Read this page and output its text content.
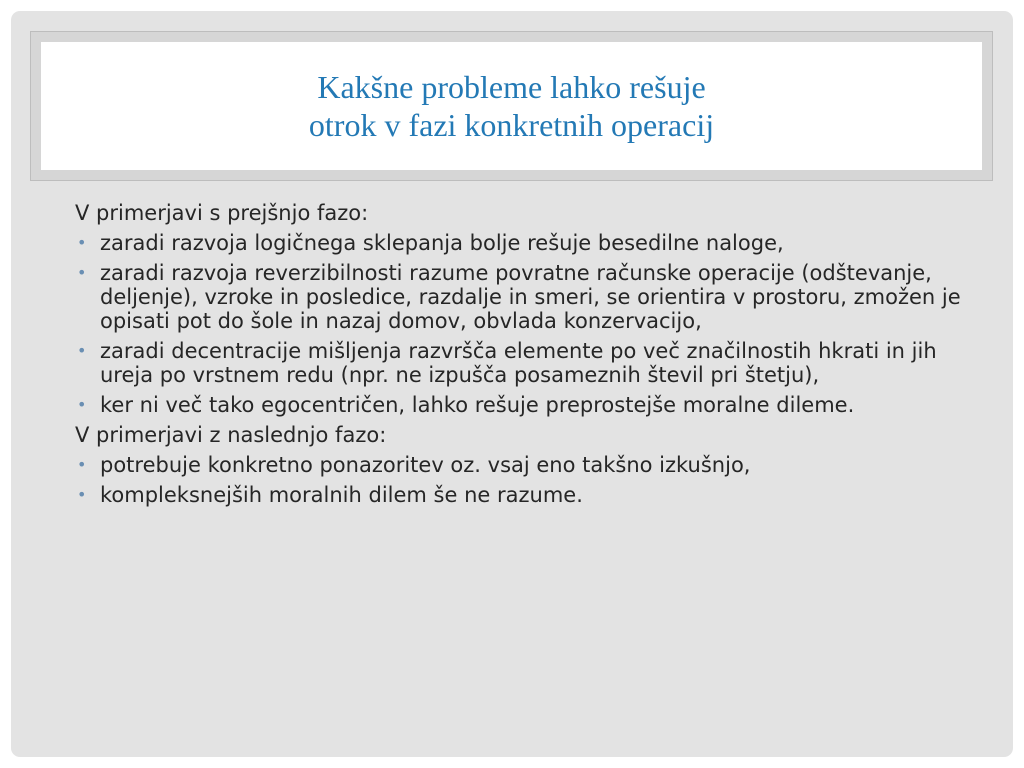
Kakšne probleme lahko rešuje
otrok v fazi konkretnih operacij
V primerjavi s prejšnjo fazo:
• zaradi razvoja logičnega sklepanja bolje rešuje besedilne naloge,
• zaradi razvoja reverzibilnosti razume povratne računske operacije (odštevanje, deljenje), vzroke in posledice, razdalje in smeri, se orientira v prostoru, zmožen je opisati pot do šole in nazaj domov, obvlada konzervacijo,
• zaradi decentracije mišljenja razvršča elemente po več značilnostih hkrati in jih ureja po vrstnem redu (npr. ne izpušča posameznih števil pri štetju),
• ker ni več tako egocentričen, lahko rešuje preprostejše moralne dileme.
V primerjavi z naslednjo fazo:
• potrebuje konkretno ponazoritev oz. vsaj eno takšno izkušnjo,
• kompleksnejših moralnih dilem še ne razume.
